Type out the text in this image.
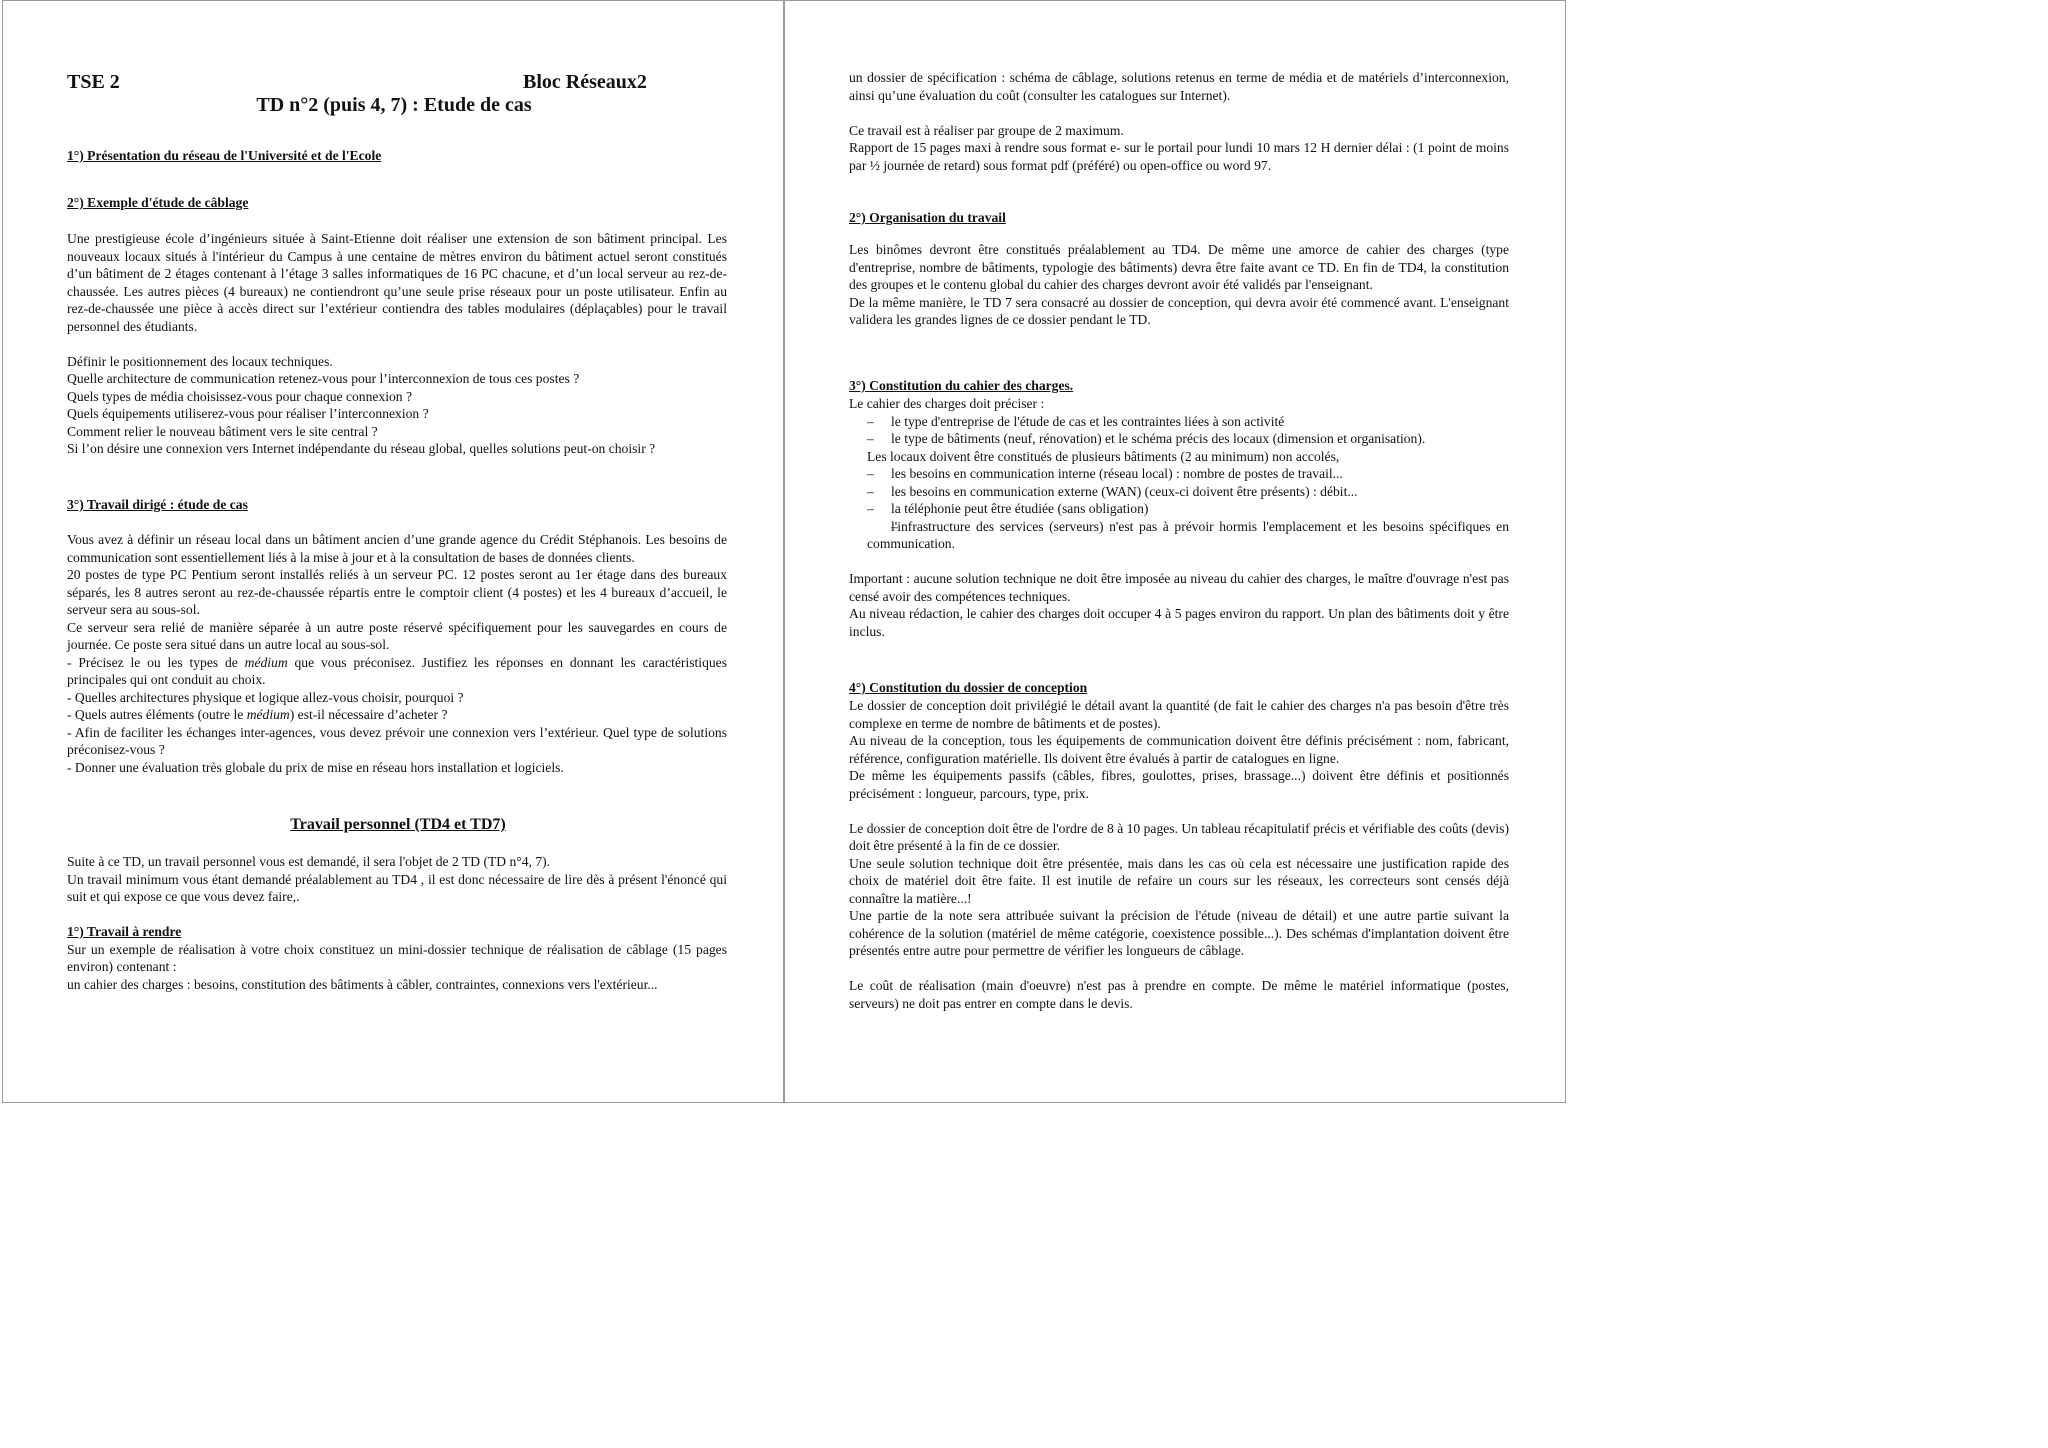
TSE 2	Bloc Réseaux2
TD n°2 (puis 4, 7) : Etude de cas

1°) Présentation du réseau de l'Université et de l'Ecole

2°) Exemple d'étude de câblage

Une prestigieuse école d’ingénieurs située à Saint-Etienne doit réaliser une extension de son bâtiment principal. Les nouveaux locaux situés à l'intérieur du Campus à une centaine de mètres environ du bâtiment actuel seront constitués d’un bâtiment de 2 étages contenant à l’étage 3 salles informatiques de 16 PC chacune, et d’un local serveur au rez-de-chaussée. Les autres pièces (4 bureaux) ne contiendront qu’une seule prise réseaux pour un poste utilisateur. Enfin au rez-de-chaussée une pièce à accès direct sur l’extérieur contiendra des tables modulaires (déplaçables) pour le travail personnel des étudiants.

Définir le positionnement des locaux techniques.

Quelle architecture de communication retenez-vous pour l’interconnexion de tous ces postes ?

Quels types de média choisissez-vous pour chaque connexion ?

Quels équipements utiliserez-vous pour réaliser l’interconnexion ?

Comment relier le nouveau bâtiment vers le site central ?

Si l’on désire une connexion vers Internet indépendante du réseau global, quelles solutions peut-on choisir ?

3°) Travail dirigé : étude de cas

Vous avez à définir un réseau local dans un bâtiment ancien d’une grande agence du Crédit Stéphanois. Les besoins de communication sont essentiellement liés à la mise à jour et à la consultation de bases de données clients.

20 postes de type PC Pentium seront installés reliés à un serveur PC. 12 postes seront au 1er étage dans des bureaux séparés, les 8 autres seront au rez-de-chaussée répartis entre le comptoir client (4 postes) et les 4 bureaux d’accueil, le serveur sera au sous-sol.

Ce serveur sera relié de manière séparée à un autre poste réservé spécifiquement pour les sauvegardes en cours de journée. Ce poste sera situé dans un autre local au sous-sol.

- Précisez le ou les types de médium que vous préconisez. Justifiez les réponses en donnant les caractéristiques principales qui ont conduit au choix.

- Quelles architectures physique et logique allez-vous choisir, pourquoi ?

- Quels autres éléments (outre le médium) est-il nécessaire d’acheter ?

- Afin de faciliter les échanges inter-agences, vous devez prévoir une connexion vers l’extérieur. Quel type de solutions préconisez-vous ?

- Donner une évaluation très globale du prix de mise en réseau hors installation et logiciels.

Travail personnel (TD4 et TD7)

Suite à ce TD, un travail personnel vous est demandé, il sera l'objet de 2 TD (TD n°4, 7).

Un travail minimum vous étant demandé préalablement au TD4 , il est donc nécessaire de lire dès à présent l'énoncé qui suit et qui expose ce que vous devez faire,.

1°) Travail à rendre

Sur un exemple de réalisation à votre choix constituez un mini-dossier technique de réalisation de câblage (15 pages environ) contenant :

un cahier des charges : besoins, constitution des bâtiments à câbler, contraintes, connexions vers l'extérieur...

un dossier de spécification : schéma de câblage, solutions retenus en terme de média et de matériels d’interconnexion, ainsi qu’une évaluation du coût (consulter les catalogues sur Internet).

Ce travail est à réaliser par groupe de 2 maximum.

Rapport de 15 pages maxi à rendre sous format e- sur le portail pour lundi 10 mars 12 H dernier délai : (1 point de moins par ½ journée de retard) sous format pdf (préféré) ou open-office ou word 97.

2°) Organisation du travail

Les binômes devront être constitués préalablement au TD4. De même une amorce de cahier des charges (type d'entreprise, nombre de bâtiments, typologie des bâtiments) devra être faite avant ce TD. En fin de TD4, la constitution des groupes et le contenu global du cahier des charges devront avoir été validés par l'enseignant.

De la même manière, le TD 7 sera consacré au dossier de conception, qui devra avoir été commencé avant. L'enseignant validera les grandes lignes de ce dossier pendant le TD.

3°) Constitution du cahier des charges.

Le cahier des charges doit préciser :

– le type d'entreprise de l'étude de cas et les contraintes liées à son activité

– le type de bâtiments (neuf, rénovation) et le schéma précis des locaux (dimension et organisation).

Les locaux doivent être constitués de plusieurs bâtiments (2 au minimum) non accolés,

– les besoins en communication interne (réseau local) : nombre de postes de travail...

– les besoins en communication externe (WAN) (ceux-ci doivent être présents) : débit...

– la téléphonie peut être étudiée (sans obligation)

– l'infrastructure des services (serveurs) n'est pas à prévoir hormis l'emplacement et les besoins spécifiques en communication.

Important : aucune solution technique ne doit être imposée au niveau du cahier des charges, le maître d'ouvrage n'est pas censé avoir des compétences techniques.

Au niveau rédaction, le cahier des charges doit occuper 4 à 5 pages environ du rapport. Un plan des bâtiments doit y être inclus.

4°) Constitution du dossier de conception

Le dossier de conception doit privilégié le détail avant la quantité (de fait le cahier des charges n'a pas besoin d'être très complexe en terme de nombre de bâtiments et de postes).

Au niveau de la conception, tous les équipements de communication doivent être définis précisément : nom, fabricant, référence, configuration matérielle. Ils doivent être évalués à partir de catalogues en ligne.

De même les équipements passifs (câbles, fibres, goulottes, prises, brassage...) doivent être définis et positionnés précisément : longueur, parcours, type, prix.

Le dossier de conception doit être de l'ordre de 8 à 10 pages. Un tableau récapitulatif précis et vérifiable des coûts (devis) doit être présenté à la fin de ce dossier.

Une seule solution technique doit être présentée, mais dans les cas où cela est nécessaire une justification rapide des choix de matériel doit être faite. Il est inutile de refaire un cours sur les réseaux, les correcteurs sont censés déjà connaître la matière...!

Une partie de la note sera attribuée suivant la précision de l'étude (niveau de détail) et une autre partie suivant la cohérence de la solution (matériel de même catégorie, coexistence possible...). Des schémas d'implantation doivent être présentés entre autre pour permettre de vérifier les longueurs de câblage.

Le coût de réalisation (main d'oeuvre) n'est pas à prendre en compte. De même le matériel informatique (postes, serveurs) ne doit pas entrer en compte dans le devis.
